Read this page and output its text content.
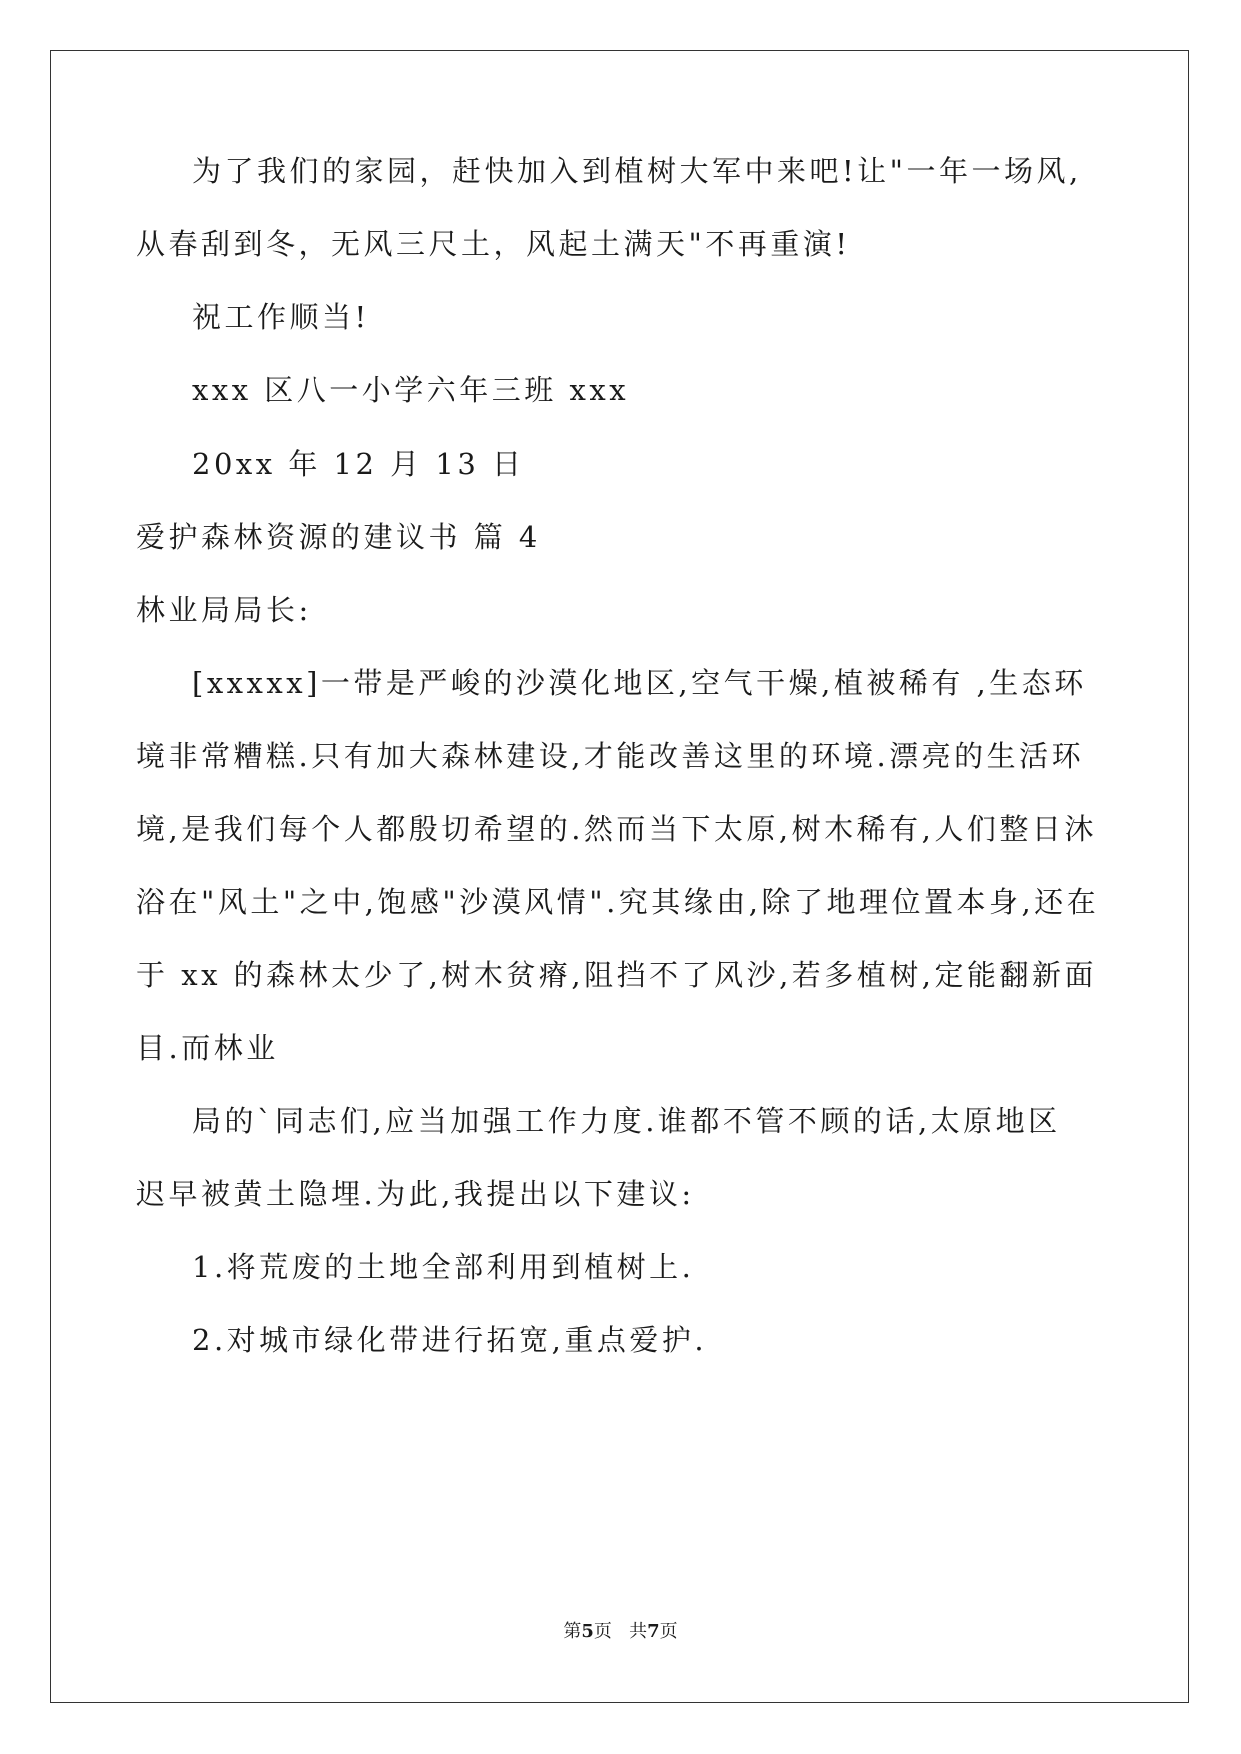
为了我们的家园，赶快加入到植树大军中来吧!让"一年一场风,
从春刮到冬，无风三尺土，风起土满天"不再重演!
祝工作顺当!
xxx 区八一小学六年三班 xxx
20xx 年 12 月 13 日
爱护森林资源的建议书 篇 4
林业局局长:
[xxxxx]一带是严峻的沙漠化地区,空气干燥,植被稀有 ,生态环
境非常糟糕.只有加大森林建设,才能改善这里的环境.漂亮的生活环
境,是我们每个人都殷切希望的.然而当下太原,树木稀有,人们整日沐
浴在"风土"之中,饱感"沙漠风情".究其缘由,除了地理位置本身,还在
于 xx 的森林太少了,树木贫瘠,阻挡不了风沙,若多植树,定能翻新面
目.而林业
局的`同志们,应当加强工作力度.谁都不管不顾的话,太原地区
迟早被黄土隐埋.为此,我提出以下建议:
1.将荒废的土地全部利用到植树上.
2.对城市绿化带进行拓宽,重点爱护.
第5页   共7页
